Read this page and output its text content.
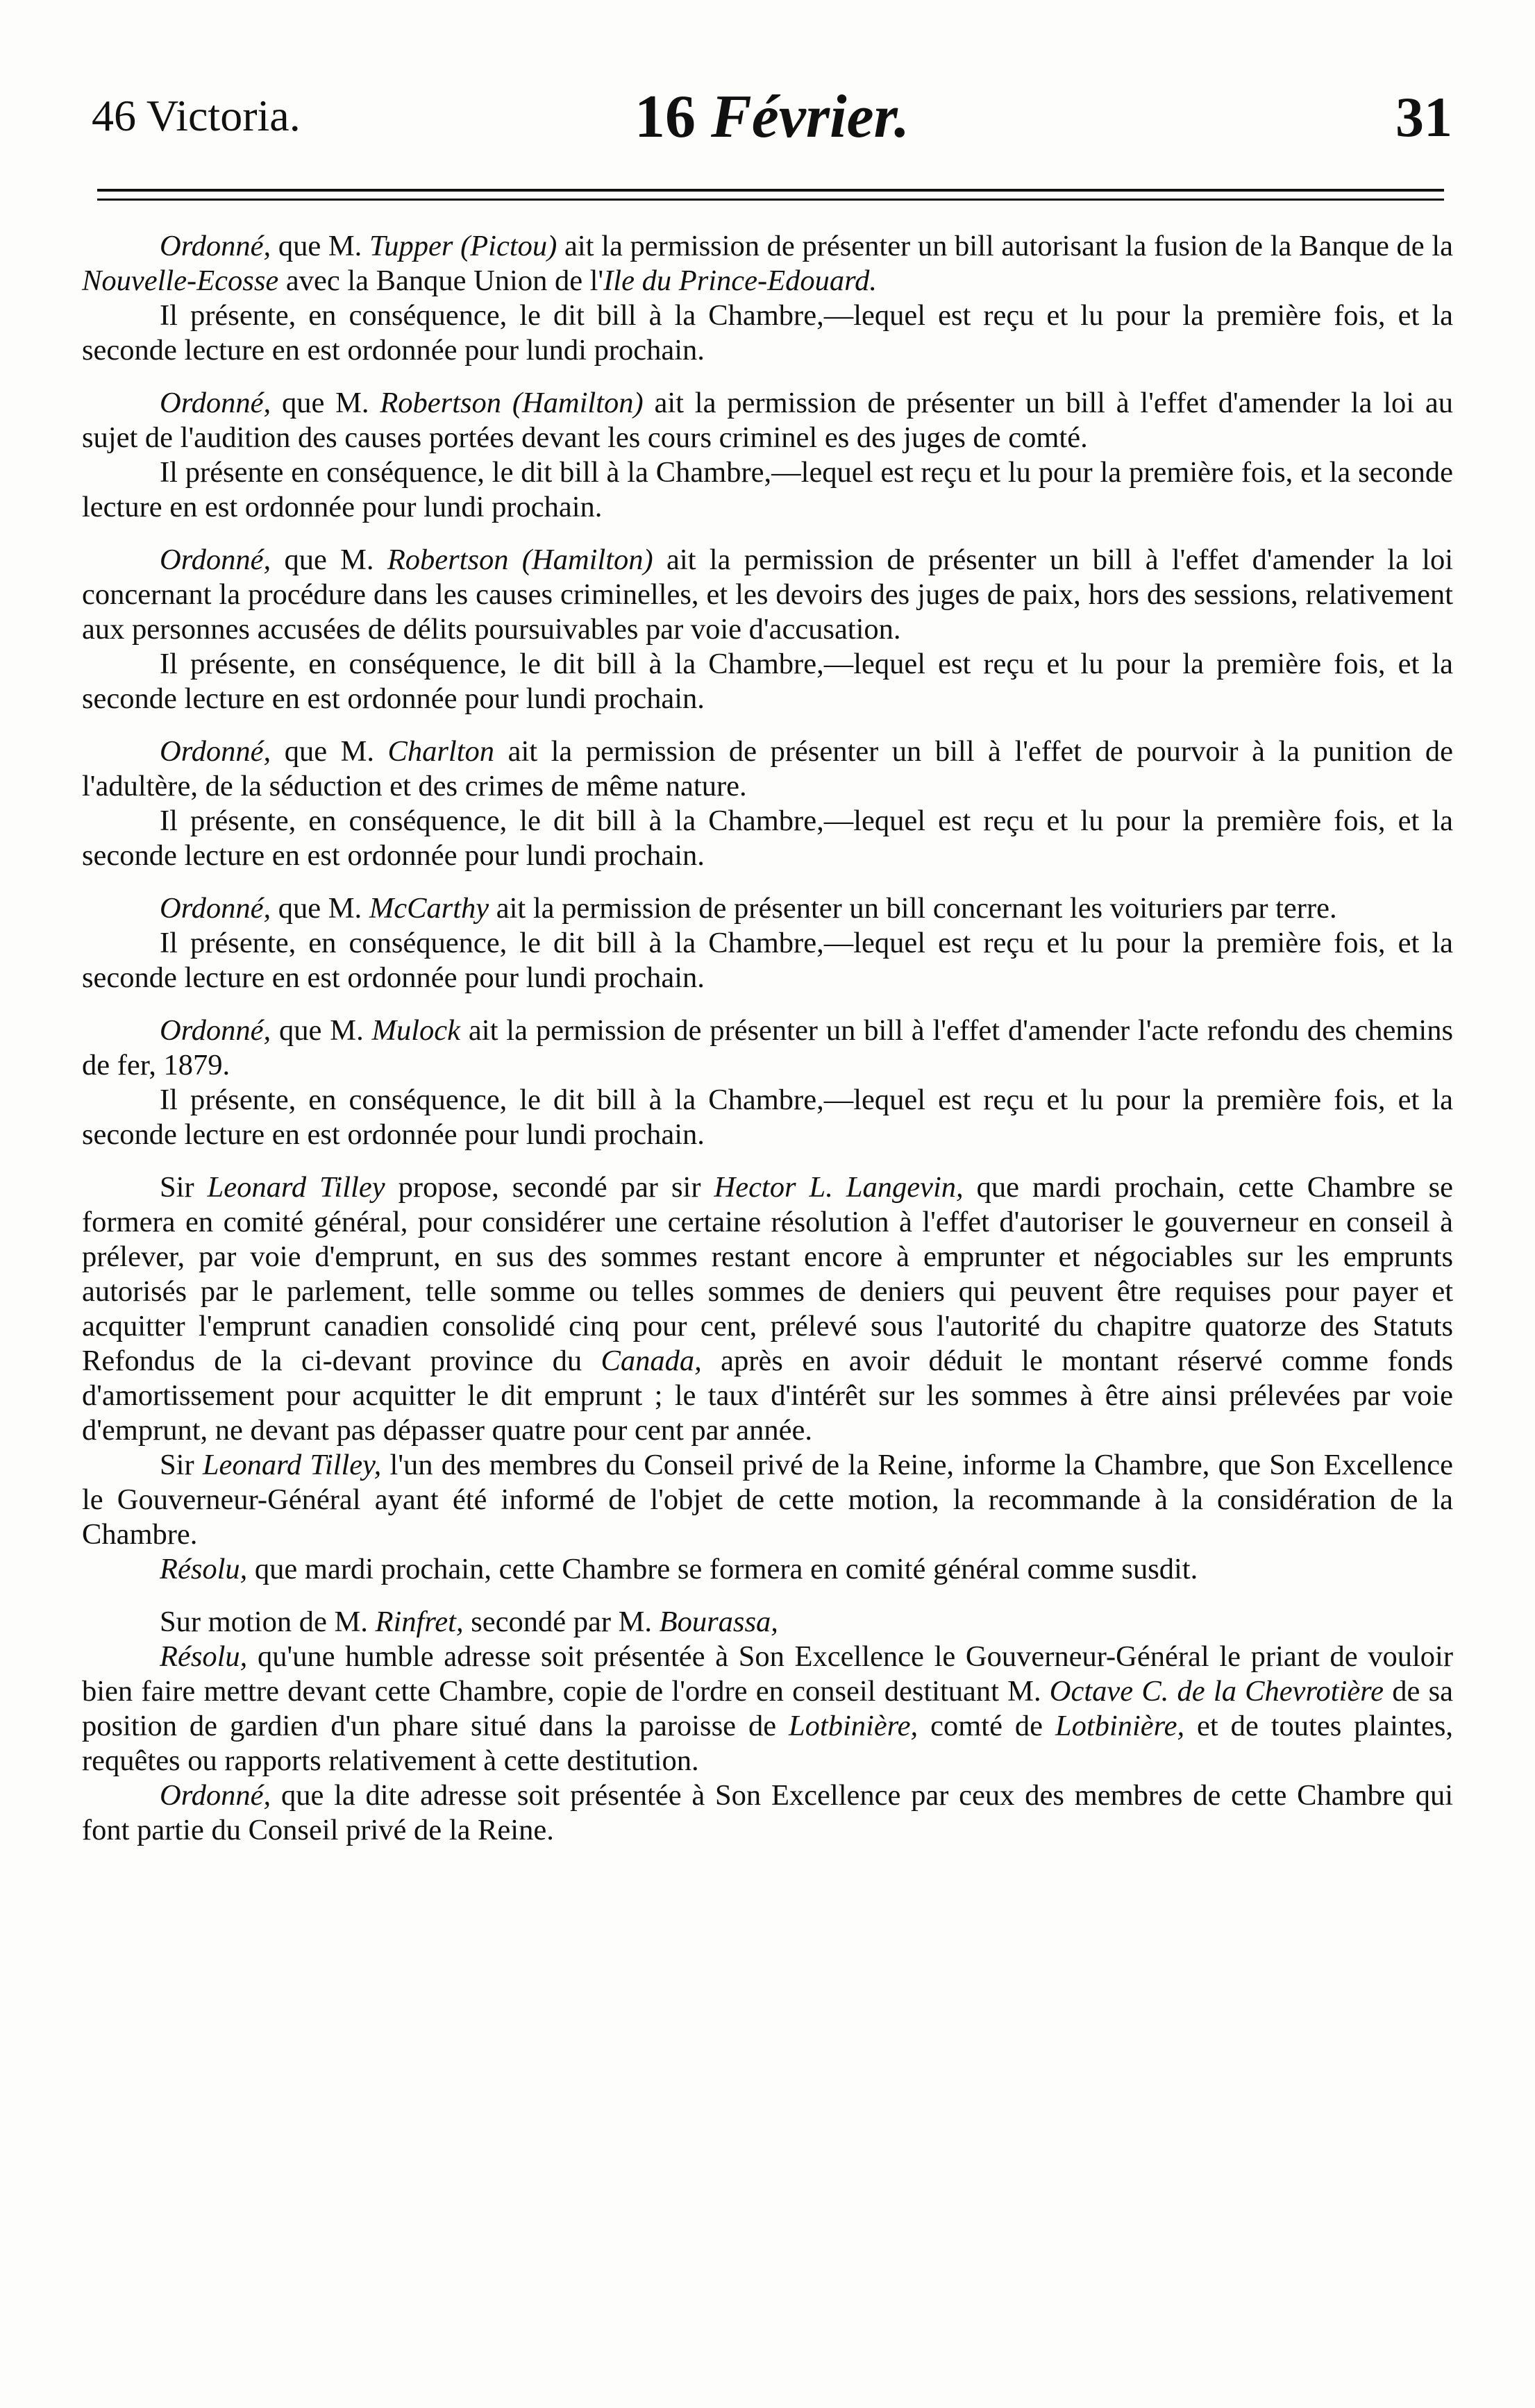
46 Victoria.	16 Février.	31

Ordonné, que M. Tupper (Pictou) ait la permission de présenter un bill autorisant la fusion de la Banque de la Nouvelle-Ecosse avec la Banque Union de l'Ile du Prince-Edouard.

Il présente, en conséquence, le dit bill à la Chambre,—lequel est reçu et lu pour la première fois, et la seconde lecture en est ordonnée pour lundi prochain.

Ordonné, que M. Robertson (Hamilton) ait la permission de présenter un bill à l'effet d'amender la loi au sujet de l'audition des causes portées devant les cours criminel es des juges de comté.

Il présente en conséquence, le dit bill à la Chambre,—lequel est reçu et lu pour la première fois, et la seconde lecture en est ordonnée pour lundi prochain.

Ordonné, que M. Robertson (Hamilton) ait la permission de présenter un bill à l'effet d'amender la loi concernant la procédure dans les causes criminelles, et les devoirs des juges de paix, hors des sessions, relativement aux personnes accusées de délits poursuivables par voie d'accusation.

Il présente, en conséquence, le dit bill à la Chambre,—lequel est reçu et lu pour la première fois, et la seconde lecture en est ordonnée pour lundi prochain.

Ordonné, que M. Charlton ait la permission de présenter un bill à l'effet de pourvoir à la punition de l'adultère, de la séduction et des crimes de même nature.

Il présente, en conséquence, le dit bill à la Chambre,—lequel est reçu et lu pour la première fois, et la seconde lecture en est ordonnée pour lundi prochain.

Ordonné, que M. McCarthy ait la permission de présenter un bill concernant les voituriers par terre.

Il présente, en conséquence, le dit bill à la Chambre,—lequel est reçu et lu pour la première fois, et la seconde lecture en est ordonnée pour lundi prochain.

Ordonné, que M. Mulock ait la permission de présenter un bill à l'effet d'amender l'acte refondu des chemins de fer, 1879.

Il présente, en conséquence, le dit bill à la Chambre,—lequel est reçu et lu pour la première fois, et la seconde lecture en est ordonnée pour lundi prochain.

Sir Leonard Tilley propose, secondé par sir Hector L. Langevin, que mardi prochain, cette Chambre se formera en comité général, pour considérer une certaine résolution à l'effet d'autoriser le gouverneur en conseil à prélever, par voie d'emprunt, en sus des sommes restant encore à emprunter et négociables sur les emprunts autorisés par le parlement, telle somme ou telles sommes de deniers qui peuvent être requises pour payer et acquitter l'emprunt canadien consolidé cinq pour cent, prélevé sous l'autorité du chapitre quatorze des Statuts Refondus de la ci-devant province du Canada, après en avoir déduit le montant réservé comme fonds d'amortissement pour acquitter le dit emprunt ; le taux d'intérêt sur les sommes à être ainsi prélevées par voie d'emprunt, ne devant pas dépasser quatre pour cent par année.

Sir Leonard Tilley, l'un des membres du Conseil privé de la Reine, informe la Chambre, que Son Excellence le Gouverneur-Général ayant été informé de l'objet de cette motion, la recommande à la considération de la Chambre.

Résolu, que mardi prochain, cette Chambre se formera en comité général comme susdit.

Sur motion de M. Rinfret, secondé par M. Bourassa,

Résolu, qu'une humble adresse soit présentée à Son Excellence le Gouverneur-Général le priant de vouloir bien faire mettre devant cette Chambre, copie de l'ordre en conseil destituant M. Octave C. de la Chevrotière de sa position de gardien d'un phare situé dans la paroisse de Lotbinière, comté de Lotbinière, et de toutes plaintes, requêtes ou rapports relativement à cette destitution.

Ordonné, que la dite adresse soit présentée à Son Excellence par ceux des membres de cette Chambre qui font partie du Conseil privé de la Reine.
